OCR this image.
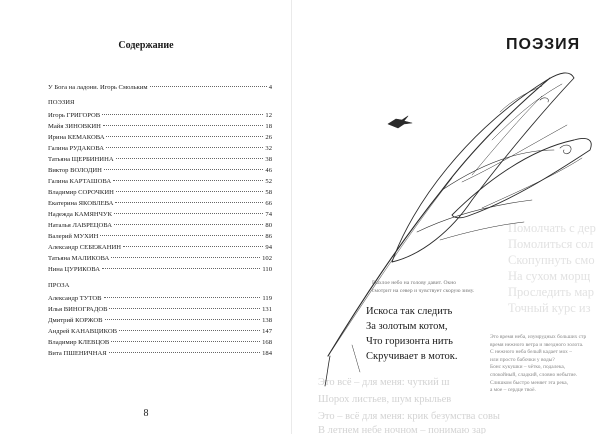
Содержание
У Бога на ладони. Игорь Смольким	4
ПОЭЗИЯ
Игорь ГРИГОРОВ	12
Майя ЗИНОВКИН	18
Ирина КЕМАКОВА	26
Галина РУДАКОВА	32
Татьяна ЩЕРБИНИНА	38
Виктор ВОЛОДИН	46
Галина КАРТАШОВА	52
Владимир СОРОЧКИН	58
Екатерина ЯКОВЛЕВА	66
Надежда КАМЯНЧУК	74
Наталья ЛАВРЕЦОВА	80
Валерий МУХИН	86
Александр СЕБЕЖАНИН	94
Татьяна МАЛИКОВА	102
Нина ЦУРИКОВА	110
ПРОЗА
Александр ТУТОВ	119
Илья ВИНОГРАДОВ	131
Дмитрий КОРЖОВ	138
Андрей КАНАВЦИКОВ	147
Владимир КЛЕВЦОВ	168
Вита ПШЕНИЧНАЯ	184
8
ПОЭЗИЯ
Помолчать с дер
Помолиться сол
Скопупнуть смо
На сухом морщ
Проследить мар
Точный курс из
Это всё – для меня: чуткий ш
Шорох листьев, шум крыльев
Это – всё для меня: крик безумства совы
В летнем небе ночном – понимаю зар
Рыхлое небо на голову давит. Окно
смотрит на север и чувствует скорую зиму.
Искоса так следить
За золотым котом,
Что горизонта нить
Скручивает в моток.
Это время неба, изумрудных больших стр
время нежного ветра и звездного золота.
С нежного неба белый кадает мох –
или просто бабочки у воды?
Бонс кукушки – чётко, подалека,
спокойный, сладкий, словно небытие.
Слишком быстро меняет эта река,
а мое – сердце твоё.
